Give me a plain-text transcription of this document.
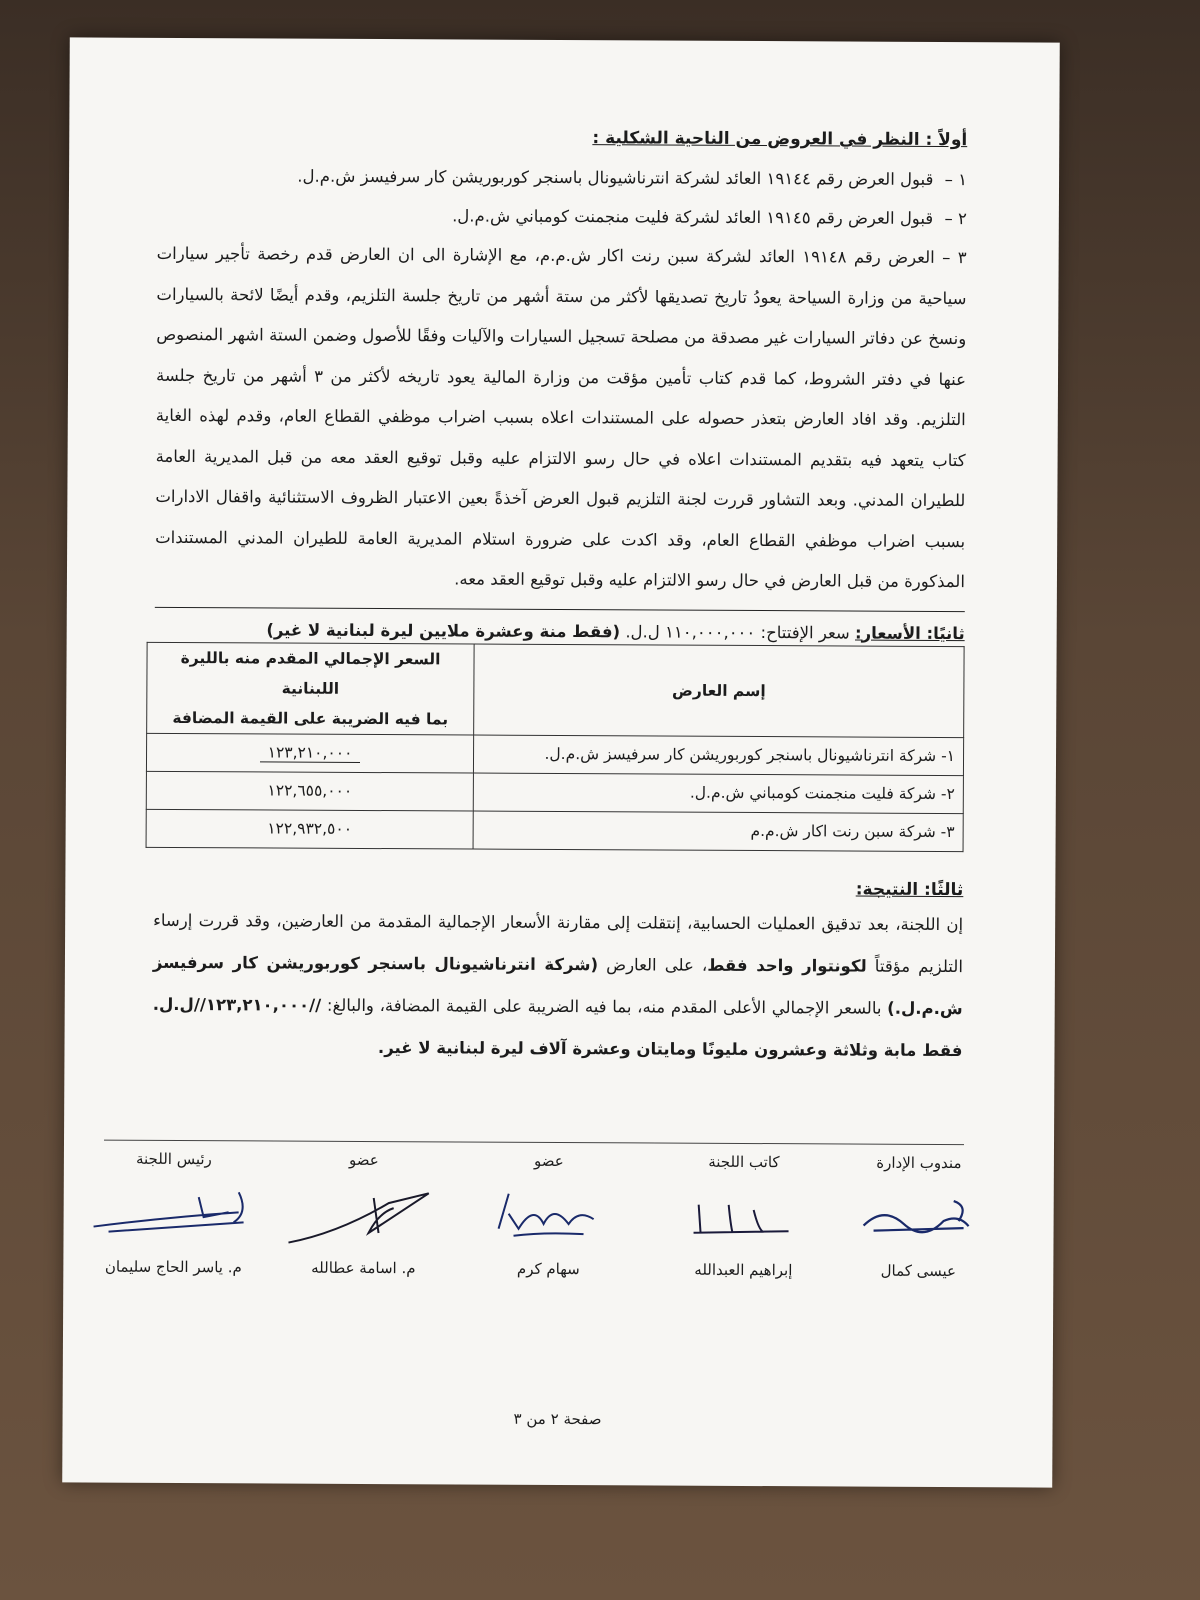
أولاً : النظر في العروض من الناحية الشكلية :
١ – قبول العرض رقم ١٩١٤٤ العائد لشركة انترناشيونال باسنجر كوربوريشن كار سرفيسز ش.م.ل.
٢ – قبول العرض رقم ١٩١٤٥ العائد لشركة فليت منجمنت كومباني ش.م.ل.
٣ – العرض رقم ١٩١٤٨ العائد لشركة سبن رنت اكار ش.م.م، مع الإشارة الى ان العارض قدم رخصة تأجير سيارات سياحية من وزارة السياحة يعودُ تاريخ تصديقها لأكثر من ستة أشهر من تاريخ جلسة التلزيم، وقدم أيضًا لائحة بالسيارات ونسخ عن دفاتر السيارات غير مصدقة من مصلحة تسجيل السيارات والآليات وفقًا للأصول وضمن الستة اشهر المنصوص عنها في دفتر الشروط، كما قدم كتاب تأمين مؤقت من وزارة المالية يعود تاريخه لأكثر من ٣ أشهر من تاريخ جلسة التلزيم. وقد افاد العارض بتعذر حصوله على المستندات اعلاه بسبب اضراب موظفي القطاع العام، وقدم لهذه الغاية كتاب يتعهد فيه بتقديم المستندات اعلاه في حال رسو الالتزام عليه وقبل توقيع العقد معه من قبل المديرية العامة للطيران المدني. وبعد التشاور قررت لجنة التلزيم قبول العرض آخذةً بعين الاعتبار الظروف الاستثنائية واقفال الادارات بسبب اضراب موظفي القطاع العام، وقد اكدت على ضرورة استلام المديرية العامة للطيران المدني المستندات المذكورة من قبل العارض في حال رسو الالتزام عليه وقبل توقيع العقد معه.
ثانيًا: الأسعار: سعر الإفتتاح: ١١٠,٠٠٠,٠٠٠ ل.ل. (فقط منة وعشرة ملايين ليرة لبنانية لا غير)
إسم العارض	السعر الإجمالي المقدم منه بالليرة اللبنانية
بما فيه الضريبة على القيمة المضافة
١- شركة انترناشيونال باسنجر كوربوريشن كار سرفيسز ش.م.ل.	١٢٣,٢١٠,٠٠٠
٢- شركة فليت منجمنت كومباني ش.م.ل.	١٢٢,٦٥٥,٠٠٠
٣- شركة سبن رنت اكار ش.م.م	١٢٢,٩٣٢,٥٠٠
ثالثًا: النتيجة:
إن اللجنة، بعد تدقيق العمليات الحسابية، إنتقلت إلى مقارنة الأسعار الإجمالية المقدمة من العارضين، وقد قررت إرساء التلزيم مؤقتاً لكونتوار واحد فقط، على العارض (شركة انترناشيونال باسنجر كوربوريشن كار سرفيسز ش.م.ل.) بالسعر الإجمالي الأعلى المقدم منه، بما فيه الضريبة على القيمة المضافة، والبالغ: //١٢٣,٢١٠,٠٠٠//ل.ل. فقط مابة وثلاثة وعشرون مليونًا ومايتان وعشرة آلاف ليرة لبنانية لا غير.
مندوب الإدارة
عيسى كمال
كاتب اللجنة
إبراهيم العبدالله
عضو
سهام كرم
عضو
م. اسامة عطالله
رئيس اللجنة
م. ياسر الحاج سليمان
صفحة ٢ من ٣
